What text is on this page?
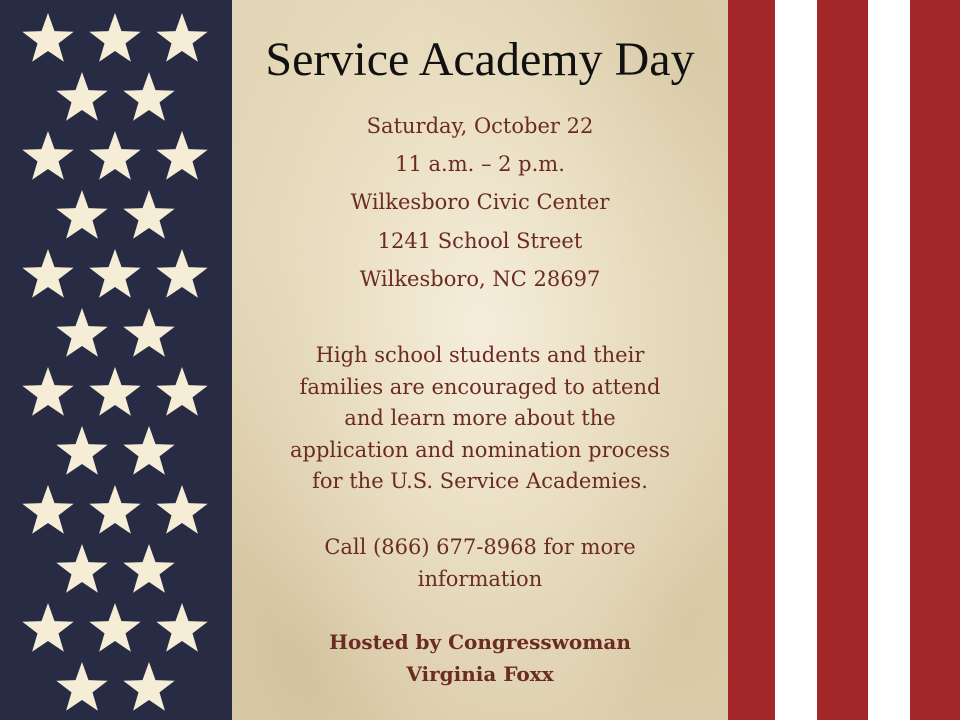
Service Academy Day
Saturday, October 22
11 a.m. – 2 p.m.
Wilkesboro Civic Center
1241 School Street
Wilkesboro, NC 28697
High school students and their
families are encouraged to attend
and learn more about the
application and nomination process
for the U.S. Service Academies.
Call (866) 677-8968 for more
information
Hosted by Congresswoman
Virginia Foxx
